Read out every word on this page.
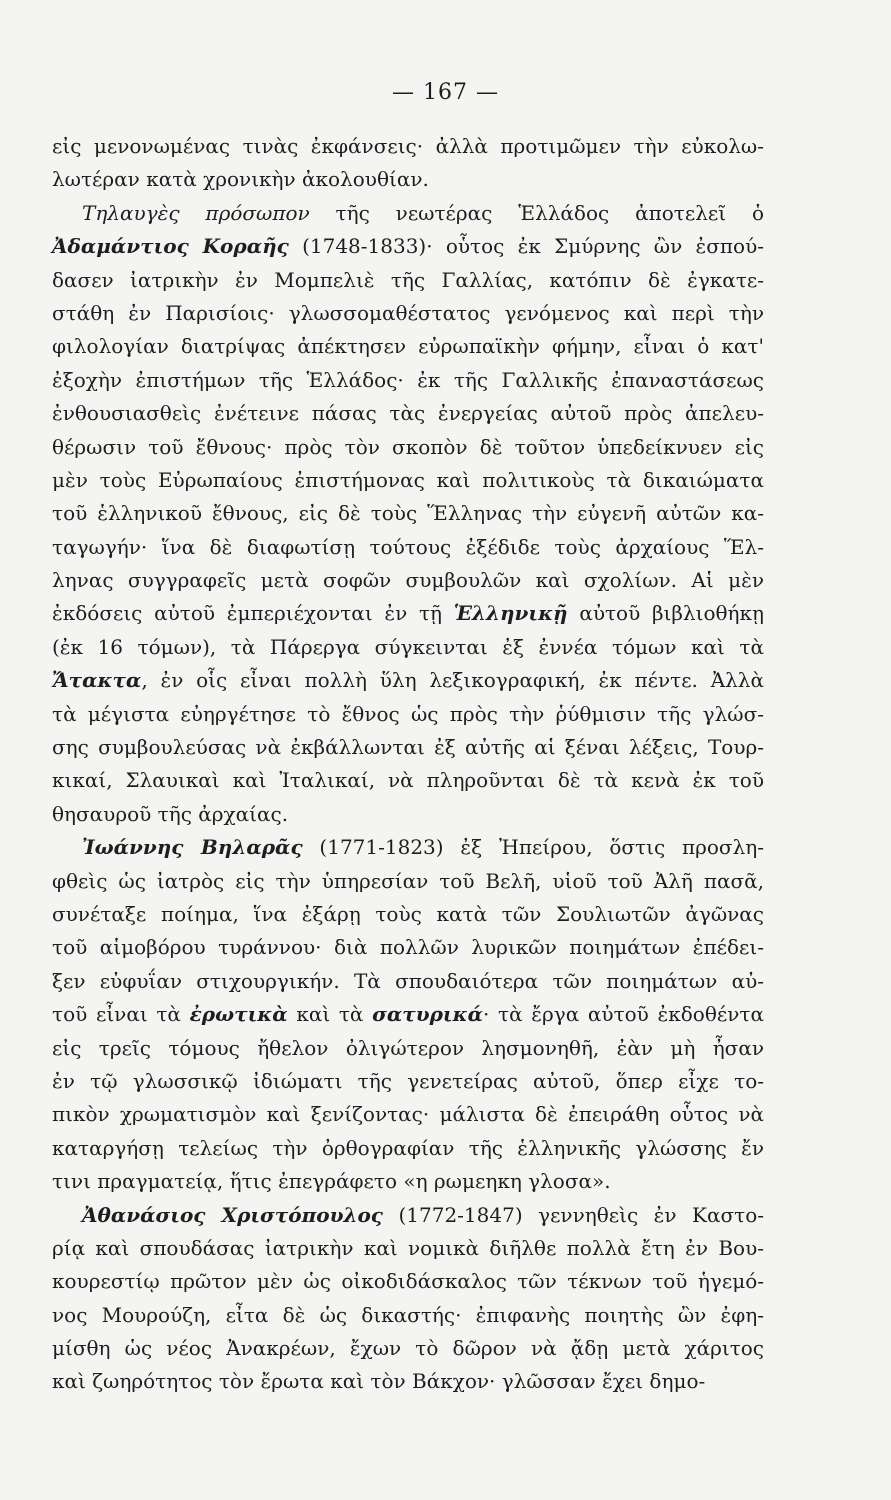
— 167 —
εἰς μενονωμένας τινὰς ἐκφάνσεις· ἀλλὰ προτιμῶμεν τὴν εὐκολω-
λωτέραν κατὰ χρονικὴν ἀκολουθίαν.
Τηλαυγὲς πρόσωπον τῆς νεωτέρας Ἑλλάδος ἀποτελεῖ ὁ
Ἀδαμάντιος Κοραῆς (1748-1833)· οὗτος ἐκ Σμύρνης ὢν ἐσπού-
δασεν ἰατρικὴν ἐν Μομπελιὲ τῆς Γαλλίας, κατόπιν δὲ ἐγκατε-
στάθη ἐν Παρισίοις· γλωσσομαθέστατος γενόμενος καὶ περὶ τὴν
φιλολογίαν διατρίψας ἀπέκτησεν εὐρωπαϊκὴν φήμην, εἶναι ὁ κατ'
ἐξοχὴν ἐπιστήμων τῆς Ἑλλάδος· ἐκ τῆς Γαλλικῆς ἐπαναστάσεως
ἐνθουσιασθεὶς ἐνέτεινε πάσας τὰς ἐνεργείας αὐτοῦ πρὸς ἀπελευ-
θέρωσιν τοῦ ἔθνους· πρὸς τὸν σκοπὸν δὲ τοῦτον ὑπεδείκνυεν εἰς
μὲν τοὺς Εὐρωπαίους ἐπιστήμονας καὶ πολιτικοὺς τὰ δικαιώματα
τοῦ ἑλληνικοῦ ἔθνους, εἰς δὲ τοὺς Ἕλληνας τὴν εὐγενῆ αὐτῶν κα-
ταγωγήν· ἵνα δὲ διαφωτίσῃ τούτους ἐξέδιδε τοὺς ἀρχαίους Ἕλ-
ληνας συγγραφεῖς μετὰ σοφῶν συμβουλῶν καὶ σχολίων. Αἱ μὲν
ἐκδόσεις αὐτοῦ ἐμπεριέχονται ἐν τῇ Ἑλληνικῇ αὐτοῦ βιβλιοθήκῃ
(ἐκ 16 τόμων), τὰ Πάρεργα σύγκεινται ἐξ ἐννέα τόμων καὶ τὰ
Ἄτακτα, ἐν οἷς εἶναι πολλὴ ὕλη λεξικογραφική, ἐκ πέντε. Ἀλλὰ
τὰ μέγιστα εὐηργέτησε τὸ ἔθνος ὡς πρὸς τὴν ῥύθμισιν τῆς γλώσ-
σης συμβουλεύσας νὰ ἐκβάλλωνται ἐξ αὐτῆς αἱ ξέναι λέξεις, Τουρ-
κικαί, Σλαυικαὶ καὶ Ἰταλικαί, νὰ πληροῦνται δὲ τὰ κενὰ ἐκ τοῦ
θησαυροῦ τῆς ἀρχαίας.
Ἰωάννης Βηλαρᾶς (1771-1823) ἐξ Ἠπείρου, ὅστις προσλη-
φθεὶς ὡς ἰατρὸς εἰς τὴν ὑπηρεσίαν τοῦ Βελῆ, υἱοῦ τοῦ Ἀλῆ πασᾶ,
συνέταξε ποίημα, ἵνα ἐξάρῃ τοὺς κατὰ τῶν Σουλιωτῶν ἀγῶνας
τοῦ αἱμοβόρου τυράννου· διὰ πολλῶν λυρικῶν ποιημάτων ἐπέδει-
ξεν εὐφυΐαν στιχουργικήν. Τὰ σπουδαιότερα τῶν ποιημάτων αὐ-
τοῦ εἶναι τὰ ἐρωτικὰ καὶ τὰ σατυρικά· τὰ ἔργα αὐτοῦ ἐκδοθέντα
εἰς τρεῖς τόμους ἤθελον ὀλιγώτερον λησμονηθῆ, ἐὰν μὴ ἦσαν
ἐν τῷ γλωσσικῷ ἰδιώματι τῆς γενετείρας αὐτοῦ, ὅπερ εἶχε το-
πικὸν χρωματισμὸν καὶ ξενίζοντας· μάλιστα δὲ ἐπειράθη οὗτος νὰ
καταργήσῃ τελείως τὴν ὀρθογραφίαν τῆς ἑλληνικῆς γλώσσης ἔν
τινι πραγματείᾳ, ἥτις ἐπεγράφετο «η ρωμεηκη γλοσα».
Ἀθανάσιος Χριστόπουλος (1772-1847) γεννηθεὶς ἐν Καστο-
ρίᾳ καὶ σπουδάσας ἰατρικὴν καὶ νομικὰ διῆλθε πολλὰ ἔτη ἐν Βου-
κουρεστίῳ πρῶτον μὲν ὡς οἰκοδιδάσκαλος τῶν τέκνων τοῦ ἡγεμό-
νος Μουρούζη, εἶτα δὲ ὡς δικαστής· ἐπιφανὴς ποιητὴς ὢν ἐφη-
μίσθη ὡς νέος Ἀνακρέων, ἔχων τὸ δῶρον νὰ ᾄδῃ μετὰ χάριτος
καὶ ζωηρότητος τὸν ἔρωτα καὶ τὸν Βάκχον· γλῶσσαν ἔχει δημο-
